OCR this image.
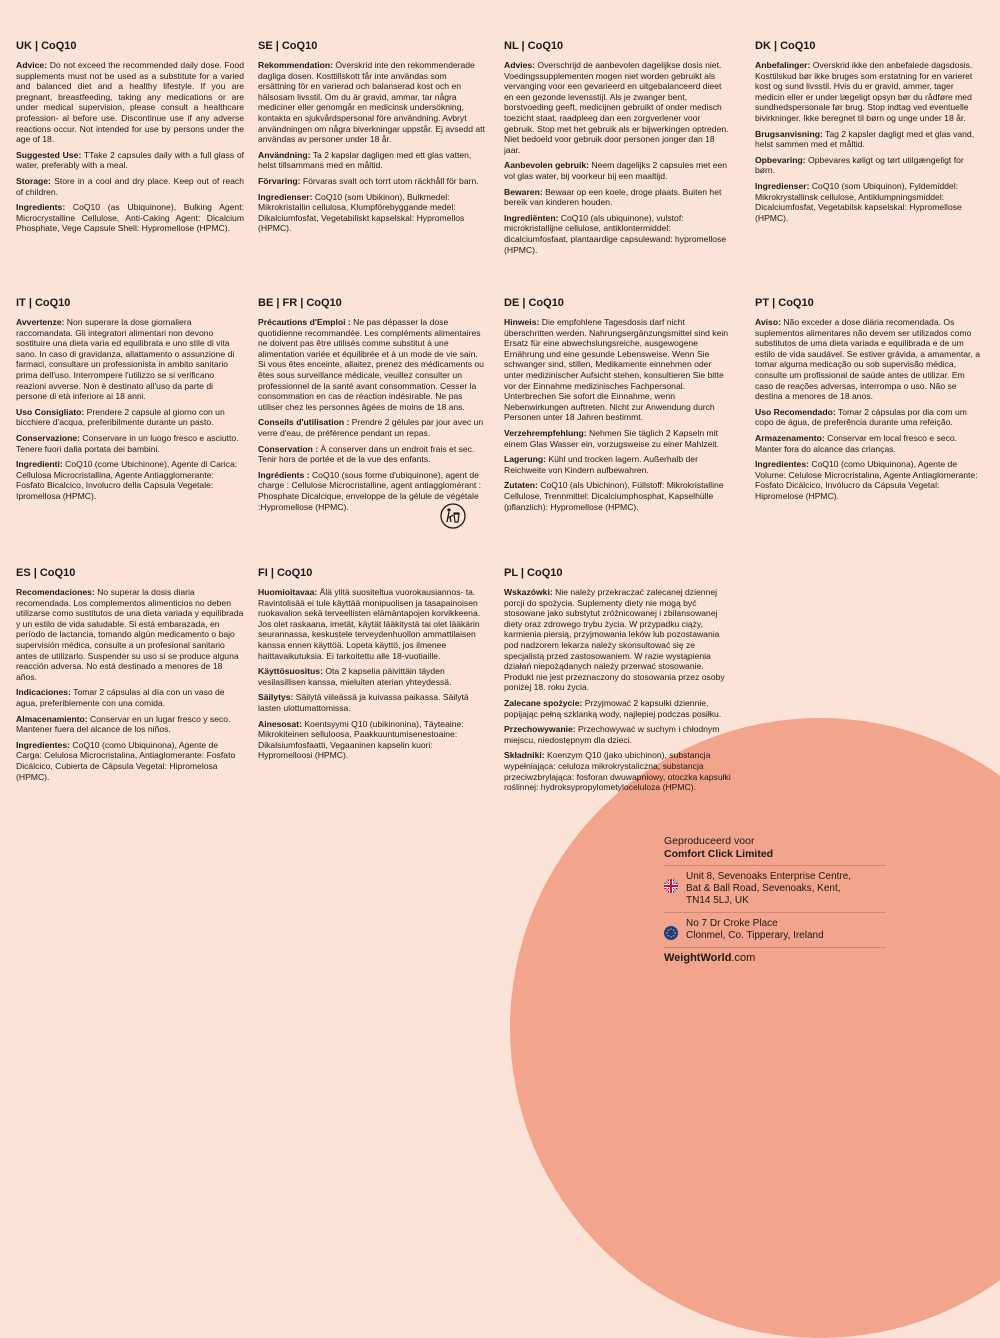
UK | CoQ10
Advice: Do not exceed the recommended daily dose. Food supplements must not be used as a substitute for a varied and balanced diet and a healthy lifestyle. If you are pregnant, breastfeeding, taking any medications or are under medical supervision, please consult a healthcare profession- al before use. Discontinue use if any adverse reactions occur. Not intended for use by persons under the age of 18.
Suggested Use: TTake 2 capsules daily with a full glass of water, preferably with a meal.
Storage: Store in a cool and dry place. Keep out of reach of children.
Ingredients: CoQ10 (as Ubiquinone), Bulking Agent: Microcrystalline Cellulose, Anti-Caking Agent: Dicalcium Phosphate, Vege Capsule Shell: Hypromellose (HPMC).
SE | CoQ10
Rekommendation: Överskrid inte den rekommenderade dagliga dosen. Kosttillskott får inte användas som ersättning för en varierad och balanserad kost och en hälsosam livsstil. Om du är gravid, ammar, tar några mediciner eller genomgår en medicinsk undersökning, kontakta en sjukvårdspersonal före användning. Avbryt användningen om några biverkningar uppstår. Ej avsedd att användas av personer under 18 år.
Användning: Ta 2 kapslar dagligen med ett glas vatten, helst tillsammans med en måltid.
Förvaring: Förvaras svalt och torrt utom räckhåll för barn.
Ingredienser: CoQ10 (som Ubikinon), Bulkmedel: Mikrokristallin cellulosa, Klumpförebyggande medel: Dikalciumfosfat, Vegetabiliskt kapselskal: Hypromellos (HPMC).
NL | CoQ10
Advies: Overschrijd de aanbevolen dagelijkse dosis niet. Voedingssupplementen mogen niet worden gebruikt als vervanging voor een gevarieerd en uitgebalanceerd dieet en een gezonde levensstijl. Als je zwanger bent, borstvoeding geeft, medicijnen gebruikt of onder medisch toezicht staat, raadpleeg dan een zorgverlener voor gebruik. Stop met het gebruik als er bijwerkingen optreden. Niet bedoeld voor gebruik door personen jonger dan 18 jaar.
Aanbevolen gebruik: Neem dagelijks 2 capsules met een vol glas water, bij voorkeur bij een maaltijd.
Bewaren: Bewaar op een koele, droge plaats. Buiten het bereik van kinderen houden.
Ingrediënten: CoQ10 (als ubiquinone), vulstof: microkristallijne cellulose, antiklontermiddel: dicalciumfosfaat, plantaardige capsulewand: hypromellose (HPMC).
DK | CoQ10
Anbefalinger: Overskrid ikke den anbefalede dagsdosis. Kosttilskud bør ikke bruges som erstatning for en varieret kost og sund livsstil. Hvis du er gravid, ammer, tager medicin eller er under lægeligt opsyn bør du rådføre med sundhedspersonale før brug. Stop indtag ved eventuelle bivirkninger. Ikke beregnet til børn og unge under 18 år.
Brugsanvisning: Tag 2 kapsler dagligt med et glas vand, helst sammen med et måltid.
Opbevaring: Opbevares køligt og tørt utilgængeligt for børn.
Ingredienser: CoQ10 (som Ubiquinon), Fyldemiddel: Mikrokrystallinsk cellulose, Antiklumpningsmiddel: Dicalciumfosfat, Vegetabilsk kapselskal: Hypromellose (HPMC).
IT | CoQ10
Avvertenze: Non superare la dose giornaliera raccomandata. Gli integratori alimentari non devono sostituire una dieta varia ed equilibrata e uno stile di vita sano. In caso di gravidanza, allattamento o assunzione di farmaci, consultare un professionista in ambito sanitario prima dell'uso. Interrompere l'utilizzo se si verificano reazioni avverse. Non è destinato all'uso da parte di persone di età inferiore ai 18 anni.
Uso Consigliato: Prendere 2 capsule al giorno con un bicchiere d'acqua, preferibilmente durante un pasto.
Conservazione: Conservare in un luogo fresco e asciutto. Tenere fuori dalla portata dei bambini.
Ingredienti: CoQ10 (come Ubichinone), Agente di Carica: Cellulosa Microcristallina, Agente Antiagglomerante: Fosfato Bicalcico, Involucro della Capsula Vegetale: Ipromellosa (HPMC).
BE | FR | CoQ10
Précautions d'Emploi : Ne pas dépasser la dose quotidienne recommandée. Les compléments alimentaires ne doivent pas être utilisés comme substitut à une alimentation variée et équilibrée et à un mode de vie sain. Si vous êtes enceinte, allaitez, prenez des médicaments ou êtes sous surveillance médicale, veuillez consulter un professionnel de la santé avant consommation. Cesser la consommation en cas de réaction indésirable. Ne pas utiliser chez les personnes âgées de moins de 18 ans.
Conseils d'utilisation : Prendre 2 gélules par jour avec un verre d'eau, de préférence pendant un repas.
Conservation : À conserver dans un endroit frais et sec. Tenir hors de portée et de la vue des enfants.
Ingrédients : CoQ10 (sous forme d'ubiquinone), agent de charge : Cellulose Microcristalline, agent antiagglomérant : Phosphate Dicalcique, enveloppe de la gélule de végétale :Hypromellose (HPMC).
DE | CoQ10
Hinweis: Die empfohlene Tagesdosis darf nicht überschritten werden. Nahrungsergänzungsmittel sind kein Ersatz für eine abwechslungsreiche, ausgewogene Ernährung und eine gesunde Lebensweise. Wenn Sie schwanger sind, stillen, Medikamente einnehmen oder unter medizinischer Aufsicht stehen, konsultieren Sie bitte vor der Einnahme medizinisches Fachpersonal. Unterbrechen Sie sofort die Einnahme, wenn Nebenwirkungen auftreten. Nicht zur Anwendung durch Personen unter 18 Jahren bestimmt.
Verzehrempfehlung: Nehmen Sie täglich 2 Kapseln mit einem Glas Wasser ein, vorzugsweise zu einer Mahlzeit.
Lagerung: Kühl und trocken lagern. Außerhalb der Reichweite von Kindern aufbewahren.
Zutaten: CoQ10 (als Ubichinon), Füllstoff: Mikrokristalline Cellulose, Trennmittel: Dicalciumphosphat, Kapselhülle (pflanzlich): Hypromellose (HPMC).
PT | CoQ10
Aviso: Não exceder a dose diária recomendada. Os suplementos alimentares não devem ser utilizados como substitutos de uma dieta variada e equilibrada e de um estilo de vida saudável. Se estiver grávida, a amamentar, a tomar alguma medicação ou sob supervisão médica, consulte um profissional de saúde antes de utilizar. Em caso de reações adversas, interrompa o uso. Não se destina a menores de 18 anos.
Uso Recomendado: Tomar 2 cápsulas por dia com um copo de água, de preferência durante uma refeição.
Armazenamento: Conservar em local fresco e seco. Manter fora do alcance das crianças.
Ingredientes: CoQ10 (como Ubiquinona), Agente de Volume: Celulose Microcristalina, Agente Antiaglomerante: Fosfato Dicálcico, Invólucro da Cápsula Vegetal: Hipromelose (HPMC).
ES | CoQ10
Recomendaciones: No superar la dosis diaria recomendada. Los complementos alimenticios no deben utilizarse como sustitutos de una dieta variada y equilibrada y un estilo de vida saludable. Si está embarazada, en período de lactancia, tomando algún medicamento o bajo supervisión médica, consulte a un profesional sanitario antes de utilizarlo. Suspender su uso si se produce alguna reacción adversa. No está destinado a menores de 18 años.
Indicaciones: Tomar 2 cápsulas al día con un vaso de agua, preferiblemente con una comida.
Almacenamiento: Conservar en un lugar fresco y seco. Mantener fuera del alcance de los niños.
Ingredientes: CoQ10 (como Ubiquinona), Agente de Carga: Celulosa Microcristalina, Antiaglomerante: Fosfato Dicálcico, Cubierta de Cápsula Vegetal: Hipromelosa (HPMC).
FI | CoQ10
Huomioitavaa: Älä ylitä suositeltua vuorokausiannos- ta. Ravintolisää ei tule käyttää monipuolisen ja tasapainoisen ruokavalion sekä terveellisten elämäntapojen korvikkeena. Jos olet raskaana, imetät, käytät lääkitystä tai olet lääkärin seurannassa, keskustele terveydenhuollon ammattilaisen kanssa ennen käyttöä. Lopeta käyttö, jos ilmenee haittavaikutuksia. Ei tarkoitettu alle 18-vuotiaille.
Käyttösuositus: Ota 2 kapselia päivittäin täyden vesilasillisen kanssa, mieluiten aterian yhteydessä.
Säilytys: Säilytä viileässä ja kuivassa paikassa. Säilytä lasten ulottumattomissa.
Ainesosat: Koentsyymi Q10 (ubikinonina), Täyteaine: Mikrokiteinen selluloosa, Paakkuuntumisenestoaine: Dikalsiumfosfaatti, Vegaaninen kapselin kuori: Hypromelloosi (HPMC).
PL | CoQ10
Wskazówki: Nie należy przekraczać zalecanej dziennej porcji do spożycia. Suplementy diety nie mogą być stosowane jako substytut zróżnicowanej i zbilansowanej diety oraz zdrowego trybu życia. W przypadku ciąży, karmienia piersią, przyjmowania leków lub pozostawania pod nadzorem lekarza należy skonsultować się ze specjalistą przed zastosowaniem. W razie wystąpienia działań niepożądanych należy przerwać stosowanie. Produkt nie jest przeznaczony do stosowania przez osoby poniżej 18. roku życia.
Zalecane spożycie: Przyjmować 2 kapsułki dziennie, popijając pełną szklanką wody, najlepiej podczas posiłku.
Przechowywanie: Przechowywać w suchym i chłodnym miejscu, niedostępnym dla dzieci.
Składniki: Koenzym Q10 (jako ubichinon), substancja wypełniająca: celuloza mikrokrystaliczna, substancja przeciwzbrylająca: fosforan dwuwapniowy, otoczka kapsułki roślinnej: hydroksypropylometyloceluloza (HPMC).
Geproduceerd voor
Comfort Click Limited
Unit 8, Sevenoaks Enterprise Centre,
Bat & Ball Road, Sevenoaks, Kent,
TN14 5LJ, UK
No 7 Dr Croke Place
Clonmel, Co. Tipperary, Ireland
WeightWorld.com
